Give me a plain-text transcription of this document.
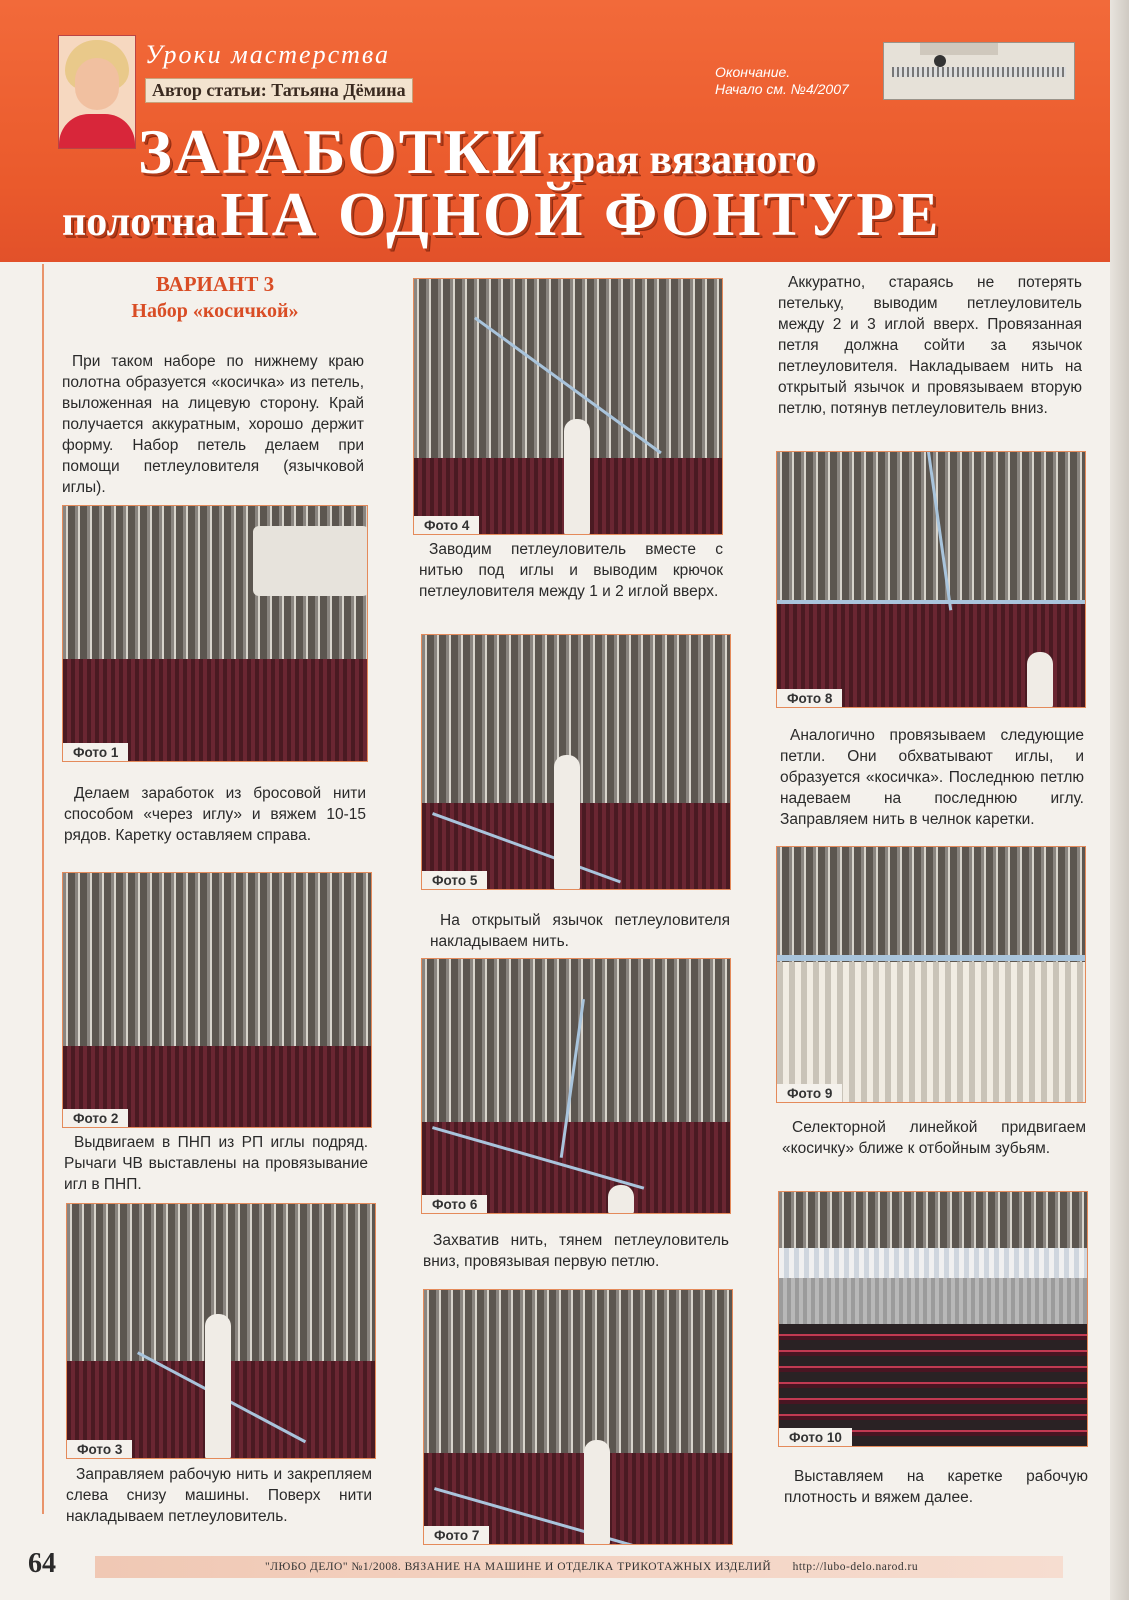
Уроки мастерства
Автор статьи: Татьяна Дёмина
Окончание.
Начало см. №4/2007
ЗАРАБОТКИ края вязаного
полотна НА ОДНОЙ ФОНТУРЕ
ВАРИАНТ 3
Набор «косичкой»
При таком наборе по нижнему краю полотна образуется «косичка» из петель, выложенная на лицевую сторону. Край получается аккуратным, хорошо держит форму. Набор петель делаем при помощи петлеуловителя (язычковой иглы).
Фото 1
Делаем заработок из бросовой нити способом «через иглу» и вяжем 10-15 рядов. Каретку оставляем справа.
Фото 2
Выдвигаем в ПНП из РП иглы подряд. Рычаги ЧВ выставлены на провязывание игл в ПНП.
Фото 3
Заправляем рабочую нить и закрепляем слева снизу машины. Поверх нити накладываем петлеуловитель.
Фото 4
Заводим петлеуловитель вместе с нитью под иглы и выводим крючок петлеуловителя между 1 и 2 иглой вверх.
Фото 5
На открытый язычок петлеуловителя накладываем нить.
Фото 6
Захватив нить, тянем петлеуловитель вниз, провязывая первую петлю.
Фото 7
Аккуратно, стараясь не потерять петельку, выводим петлеуловитель между 2 и 3 иглой вверх. Провязанная петля должна сойти за язычок петлеуловителя. Накладываем нить на открытый язычок и провязываем вторую петлю, потянув петлеуловитель вниз.
Фото 8
Аналогично провязываем следующие петли. Они обхватывают иглы, и образуется «косичка». Последнюю петлю надеваем на последнюю иглу. Заправляем нить в челнок каретки.
Фото 9
Селекторной линейкой придвигаем «косичку» ближе к отбойным зубьям.
Фото 10
Выставляем на каретке рабочую плотность и вяжем далее.
64	"ЛЮБО ДЕЛО" №1/2008. ВЯЗАНИЕ НА МАШИНЕ И ОТДЕЛКА ТРИКОТАЖНЫХ ИЗДЕЛИЙ http://lubo-delo.narod.ru
